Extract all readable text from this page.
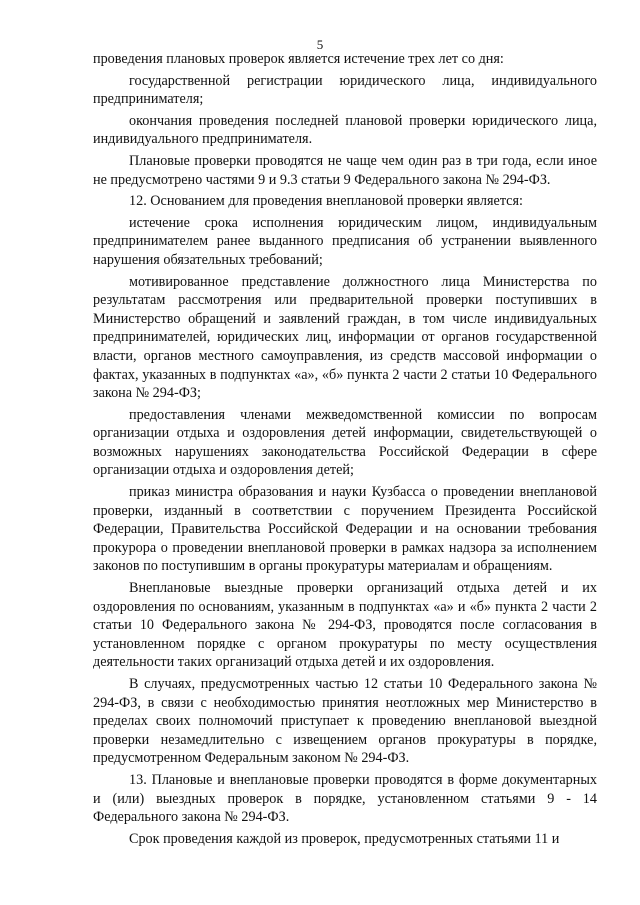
5

проведения плановых проверок является истечение трех лет со дня:

государственной регистрации юридического лица, индивидуального предпринимателя;

окончания проведения последней плановой проверки юридического лица, индивидуального предпринимателя.

Плановые проверки проводятся не чаще чем один раз в три года, если иное не предусмотрено частями 9 и 9.3 статьи 9 Федерального закона № 294-ФЗ.

12. Основанием для проведения внеплановой проверки является:

истечение срока исполнения юридическим лицом, индивидуальным предпринимателем ранее выданного предписания об устранении выявленного нарушения обязательных требований;

мотивированное представление должностного лица Министерства по результатам рассмотрения или предварительной проверки поступивших в Министерство обращений и заявлений граждан, в том числе индивидуальных предпринимателей, юридических лиц, информации от органов государственной власти, органов местного самоуправления, из средств массовой информации о фактах, указанных в подпунктах «а», «б» пункта 2 части 2 статьи 10 Федерального закона № 294-ФЗ;

предоставления членами межведомственной комиссии по вопросам организации отдыха и оздоровления детей информации, свидетельствующей о возможных нарушениях законодательства Российской Федерации в сфере организации отдыха и оздоровления детей;

приказ министра образования и науки Кузбасса о проведении внеплановой проверки, изданный в соответствии с поручением Президента Российской Федерации, Правительства Российской Федерации и на основании требования прокурора о проведении внеплановой проверки в рамках надзора за исполнением законов по поступившим в органы прокуратуры материалам и обращениям.

Внеплановые выездные проверки организаций отдыха детей и их оздоровления по основаниям, указанным в подпунктах «а» и «б» пункта 2 части 2 статьи 10 Федерального закона № 294-ФЗ, проводятся после согласования в установленном порядке с органом прокуратуры по месту осуществления деятельности таких организаций отдыха детей и их оздоровления.

В случаях, предусмотренных частью 12 статьи 10 Федерального закона № 294-ФЗ, в связи с необходимостью принятия неотложных мер Министерство в пределах своих полномочий приступает к проведению внеплановой выездной проверки незамедлительно с извещением органов прокуратуры в порядке, предусмотренном Федеральным законом № 294-ФЗ.

13. Плановые и внеплановые проверки проводятся в форме документарных и (или) выездных проверок в порядке, установленном статьями 9 - 14 Федерального закона № 294-ФЗ.

Срок проведения каждой из проверок, предусмотренных статьями 11 и
